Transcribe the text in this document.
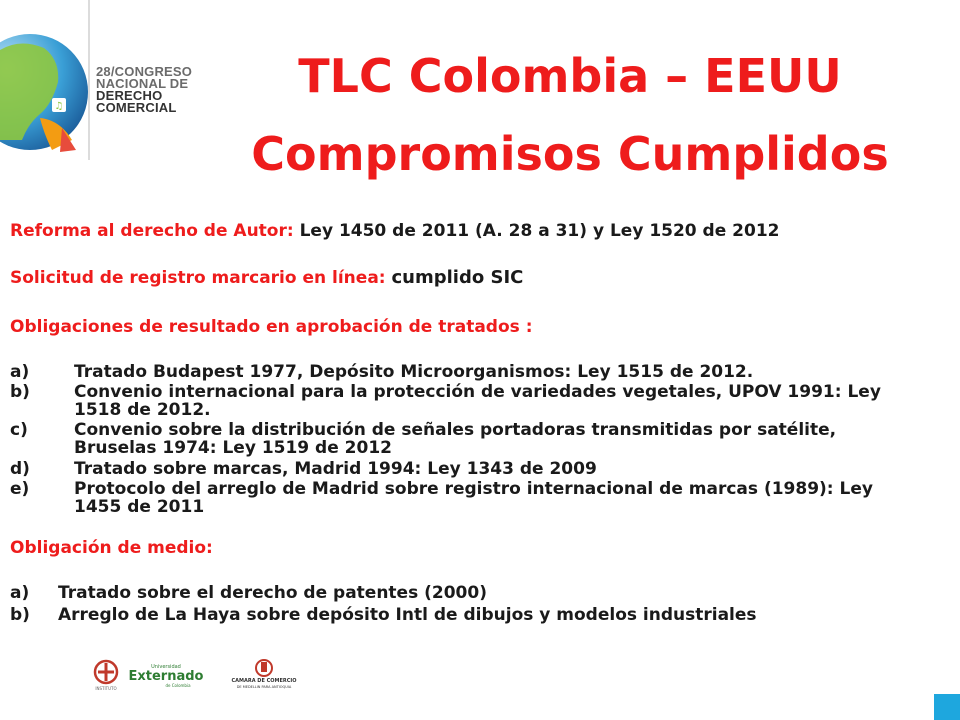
♫
28/CONGRESO
NACIONAL DE
DERECHO
COMERCIAL
TLC Colombia – EEUU
Compromisos Cumplidos
Reforma al derecho de Autor: Ley 1450 de 2011 (A. 28 a 31) y Ley 1520 de 2012
Solicitud de registro marcario en línea: cumplido SIC
Obligaciones de resultado en aprobación de tratados :
a)	Tratado Budapest 1977, Depósito Microorganismos: Ley 1515 de 2012.
b)	Convenio internacional para la protección de variedades vegetales, UPOV 1991: Ley 1518 de 2012.
c)	Convenio sobre la distribución de señales portadoras transmitidas por satélite, Bruselas 1974: Ley 1519 de 2012
d)	Tratado sobre marcas, Madrid 1994: Ley 1343 de 2009
e)	Protocolo del arreglo de Madrid sobre registro internacional de marcas (1989): Ley 1455 de 2011
Obligación de medio:
a) Tratado sobre el derecho de patentes (2000)
b) Arreglo de La Haya sobre depósito Intl de dibujos y modelos industriales
INSTITUTO
Universidad
Externado
de Colombia
CAMARA DE COMERCIO
DE MEDELLIN PARA ANTIOQUIA
